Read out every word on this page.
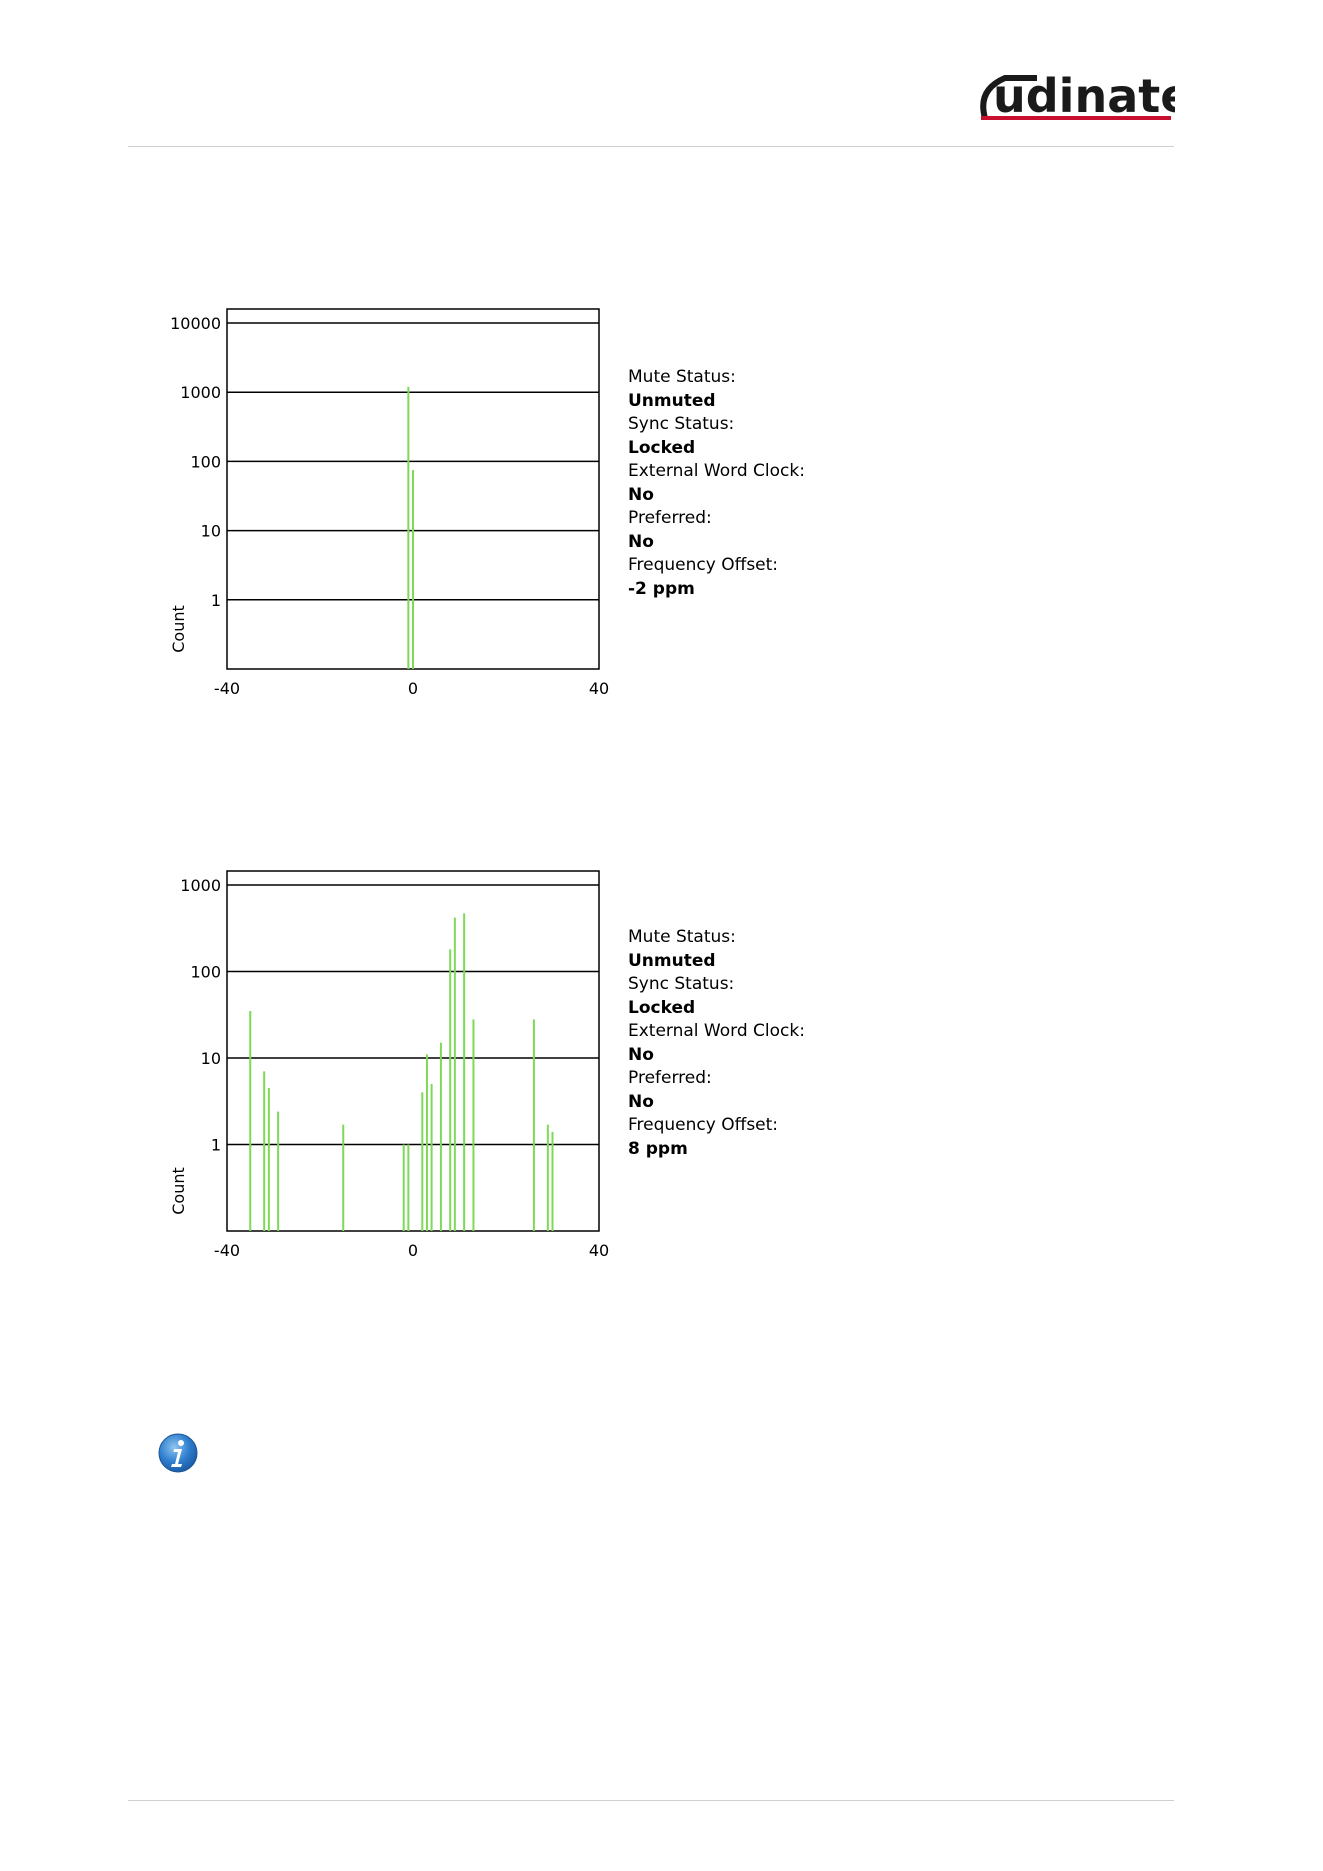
udinate
1
10
100
1000
10000
-40	0	40
Count
Mute Status:
Unmuted
Sync Status:
Locked
External Word Clock:
No
Preferred:
No
Frequency Offset:
-2 ppm
1
10
100
1000
-40	0	40
Count
Mute Status:
Unmuted
Sync Status:
Locked
External Word Clock:
No
Preferred:
No
Frequency Offset:
8 ppm
